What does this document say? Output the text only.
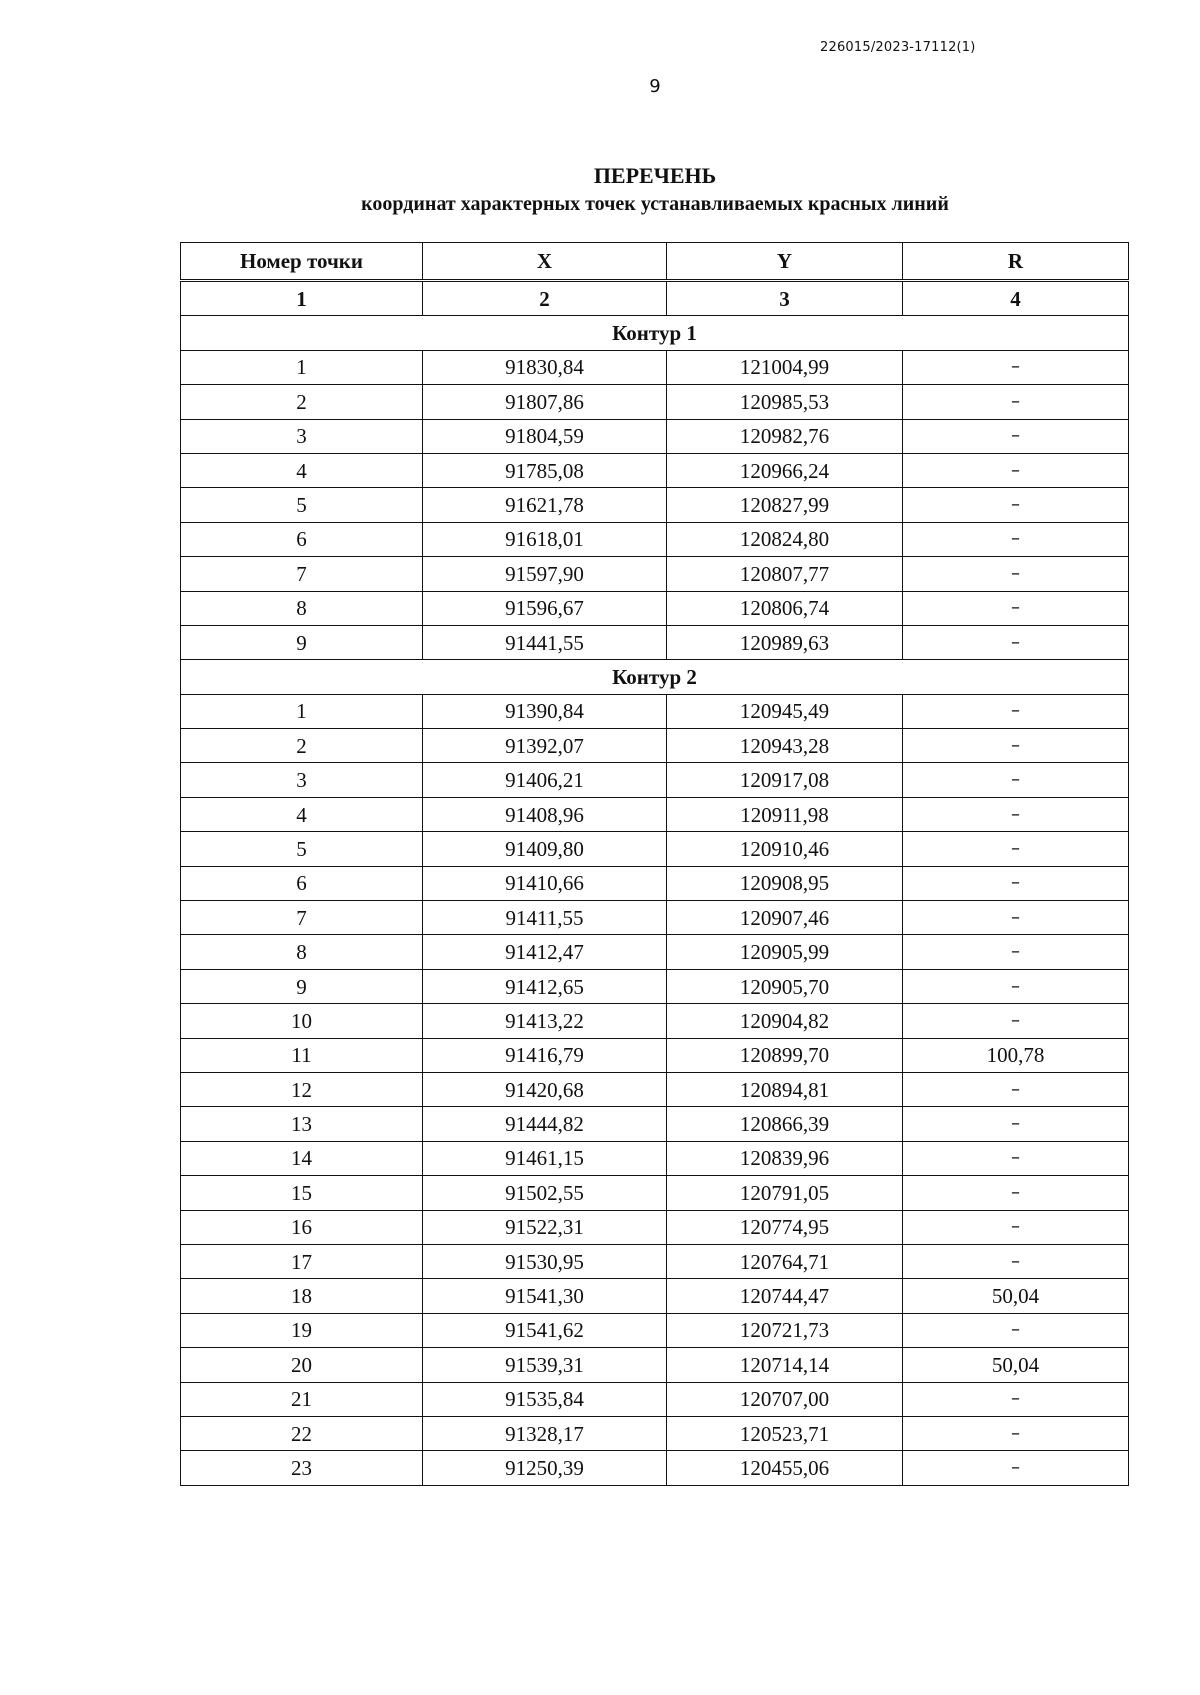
226015/2023-17112(1)
9
ПЕРЕЧЕНЬ
координат характерных точек устанавливаемых красных линий
Номер точки	X	Y	R
1	2	3	4
Контур 1			
1	91830,84	121004,99	–
2	91807,86	120985,53	–
3	91804,59	120982,76	–
4	91785,08	120966,24	–
5	91621,78	120827,99	–
6	91618,01	120824,80	–
7	91597,90	120807,77	–
8	91596,67	120806,74	–
9	91441,55	120989,63	–
Контур 2			
1	91390,84	120945,49	–
2	91392,07	120943,28	–
3	91406,21	120917,08	–
4	91408,96	120911,98	–
5	91409,80	120910,46	–
6	91410,66	120908,95	–
7	91411,55	120907,46	–
8	91412,47	120905,99	–
9	91412,65	120905,70	–
10	91413,22	120904,82	–
11	91416,79	120899,70	100,78
12	91420,68	120894,81	–
13	91444,82	120866,39	–
14	91461,15	120839,96	–
15	91502,55	120791,05	–
16	91522,31	120774,95	–
17	91530,95	120764,71	–
18	91541,30	120744,47	50,04
19	91541,62	120721,73	–
20	91539,31	120714,14	50,04
21	91535,84	120707,00	–
22	91328,17	120523,71	–
23	91250,39	120455,06	–
